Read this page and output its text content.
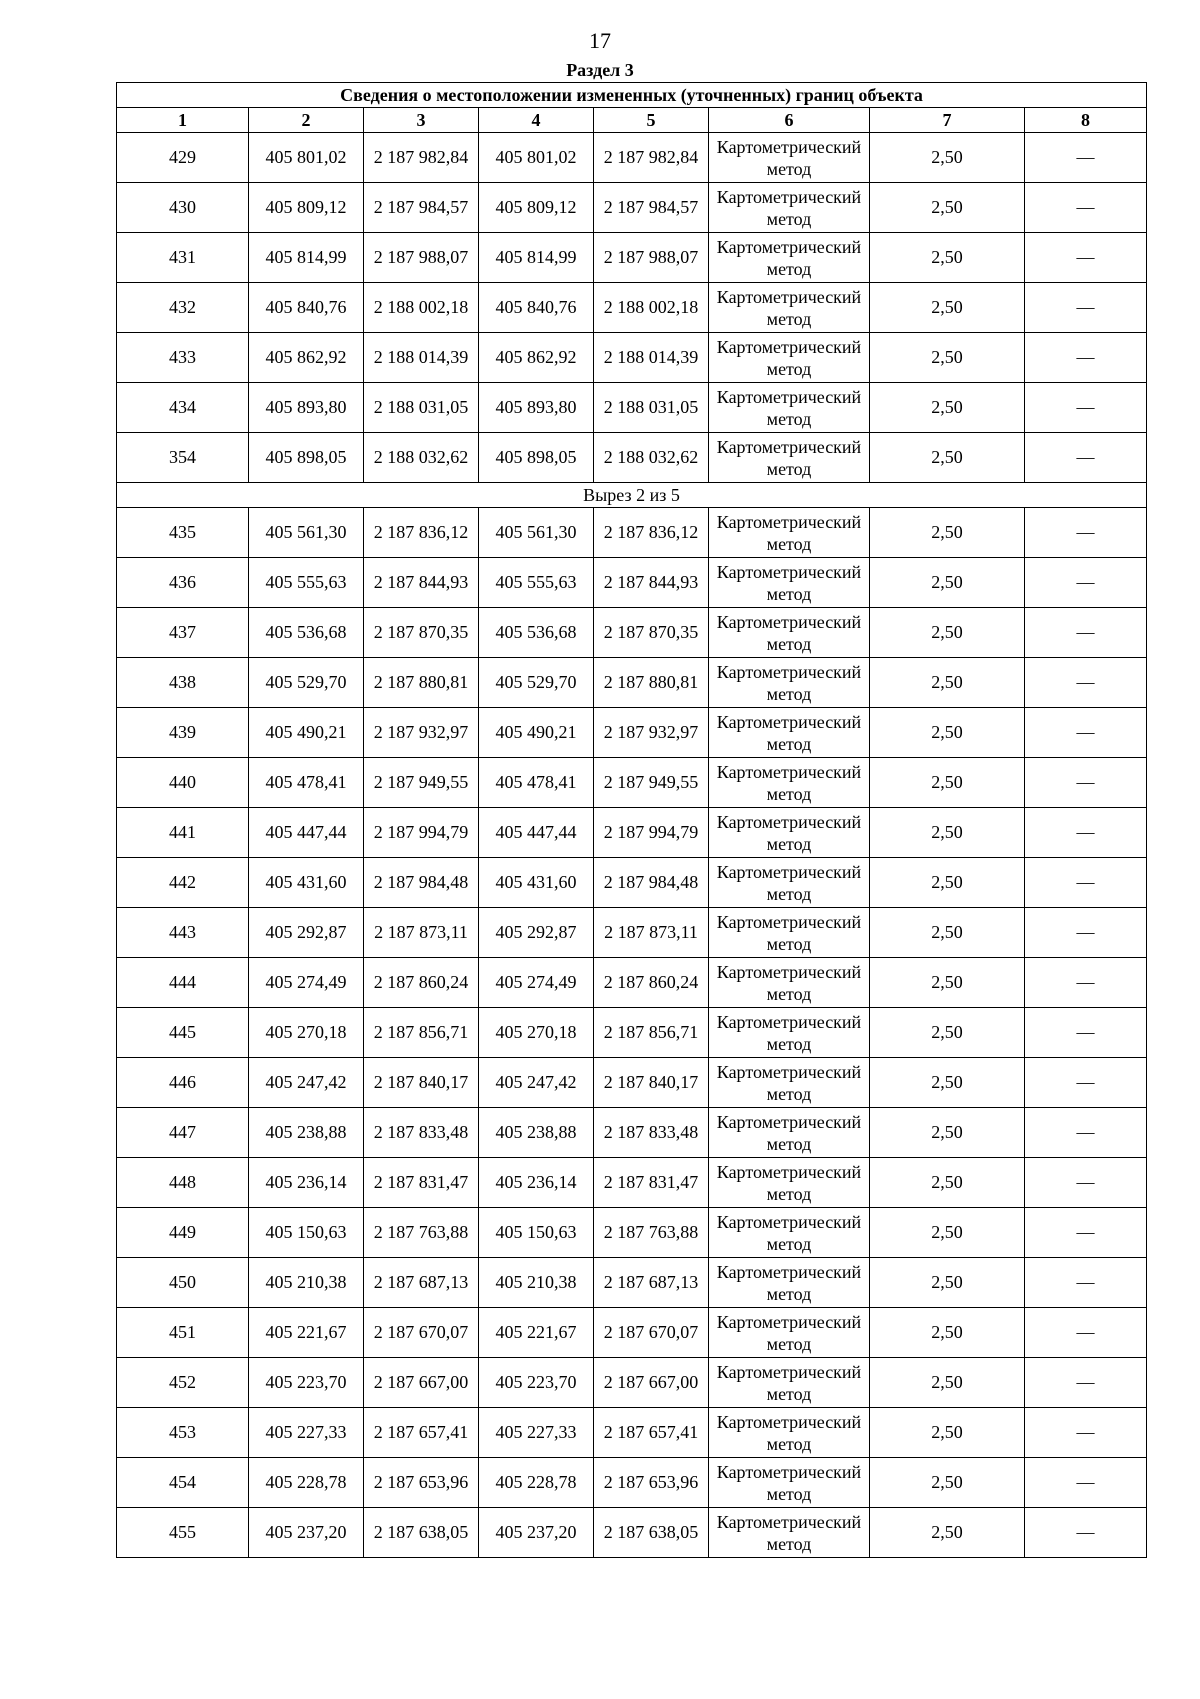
17
Раздел 3
Сведения о местоположении измененных (уточненных) границ объекта							
1	2	3	4	5	6	7	8
429	405 801,02	2 187 982,84	405 801,02	2 187 982,84	Картометрический метод	2,50	—
430	405 809,12	2 187 984,57	405 809,12	2 187 984,57	Картометрический метод	2,50	—
431	405 814,99	2 187 988,07	405 814,99	2 187 988,07	Картометрический метод	2,50	—
432	405 840,76	2 188 002,18	405 840,76	2 188 002,18	Картометрический метод	2,50	—
433	405 862,92	2 188 014,39	405 862,92	2 188 014,39	Картометрический метод	2,50	—
434	405 893,80	2 188 031,05	405 893,80	2 188 031,05	Картометрический метод	2,50	—
354	405 898,05	2 188 032,62	405 898,05	2 188 032,62	Картометрический метод	2,50	—
Вырез 2 из 5							
435	405 561,30	2 187 836,12	405 561,30	2 187 836,12	Картометрический метод	2,50	—
436	405 555,63	2 187 844,93	405 555,63	2 187 844,93	Картометрический метод	2,50	—
437	405 536,68	2 187 870,35	405 536,68	2 187 870,35	Картометрический метод	2,50	—
438	405 529,70	2 187 880,81	405 529,70	2 187 880,81	Картометрический метод	2,50	—
439	405 490,21	2 187 932,97	405 490,21	2 187 932,97	Картометрический метод	2,50	—
440	405 478,41	2 187 949,55	405 478,41	2 187 949,55	Картометрический метод	2,50	—
441	405 447,44	2 187 994,79	405 447,44	2 187 994,79	Картометрический метод	2,50	—
442	405 431,60	2 187 984,48	405 431,60	2 187 984,48	Картометрический метод	2,50	—
443	405 292,87	2 187 873,11	405 292,87	2 187 873,11	Картометрический метод	2,50	—
444	405 274,49	2 187 860,24	405 274,49	2 187 860,24	Картометрический метод	2,50	—
445	405 270,18	2 187 856,71	405 270,18	2 187 856,71	Картометрический метод	2,50	—
446	405 247,42	2 187 840,17	405 247,42	2 187 840,17	Картометрический метод	2,50	—
447	405 238,88	2 187 833,48	405 238,88	2 187 833,48	Картометрический метод	2,50	—
448	405 236,14	2 187 831,47	405 236,14	2 187 831,47	Картометрический метод	2,50	—
449	405 150,63	2 187 763,88	405 150,63	2 187 763,88	Картометрический метод	2,50	—
450	405 210,38	2 187 687,13	405 210,38	2 187 687,13	Картометрический метод	2,50	—
451	405 221,67	2 187 670,07	405 221,67	2 187 670,07	Картометрический метод	2,50	—
452	405 223,70	2 187 667,00	405 223,70	2 187 667,00	Картометрический метод	2,50	—
453	405 227,33	2 187 657,41	405 227,33	2 187 657,41	Картометрический метод	2,50	—
454	405 228,78	2 187 653,96	405 228,78	2 187 653,96	Картометрический метод	2,50	—
455	405 237,20	2 187 638,05	405 237,20	2 187 638,05	Картометрический метод	2,50	—
